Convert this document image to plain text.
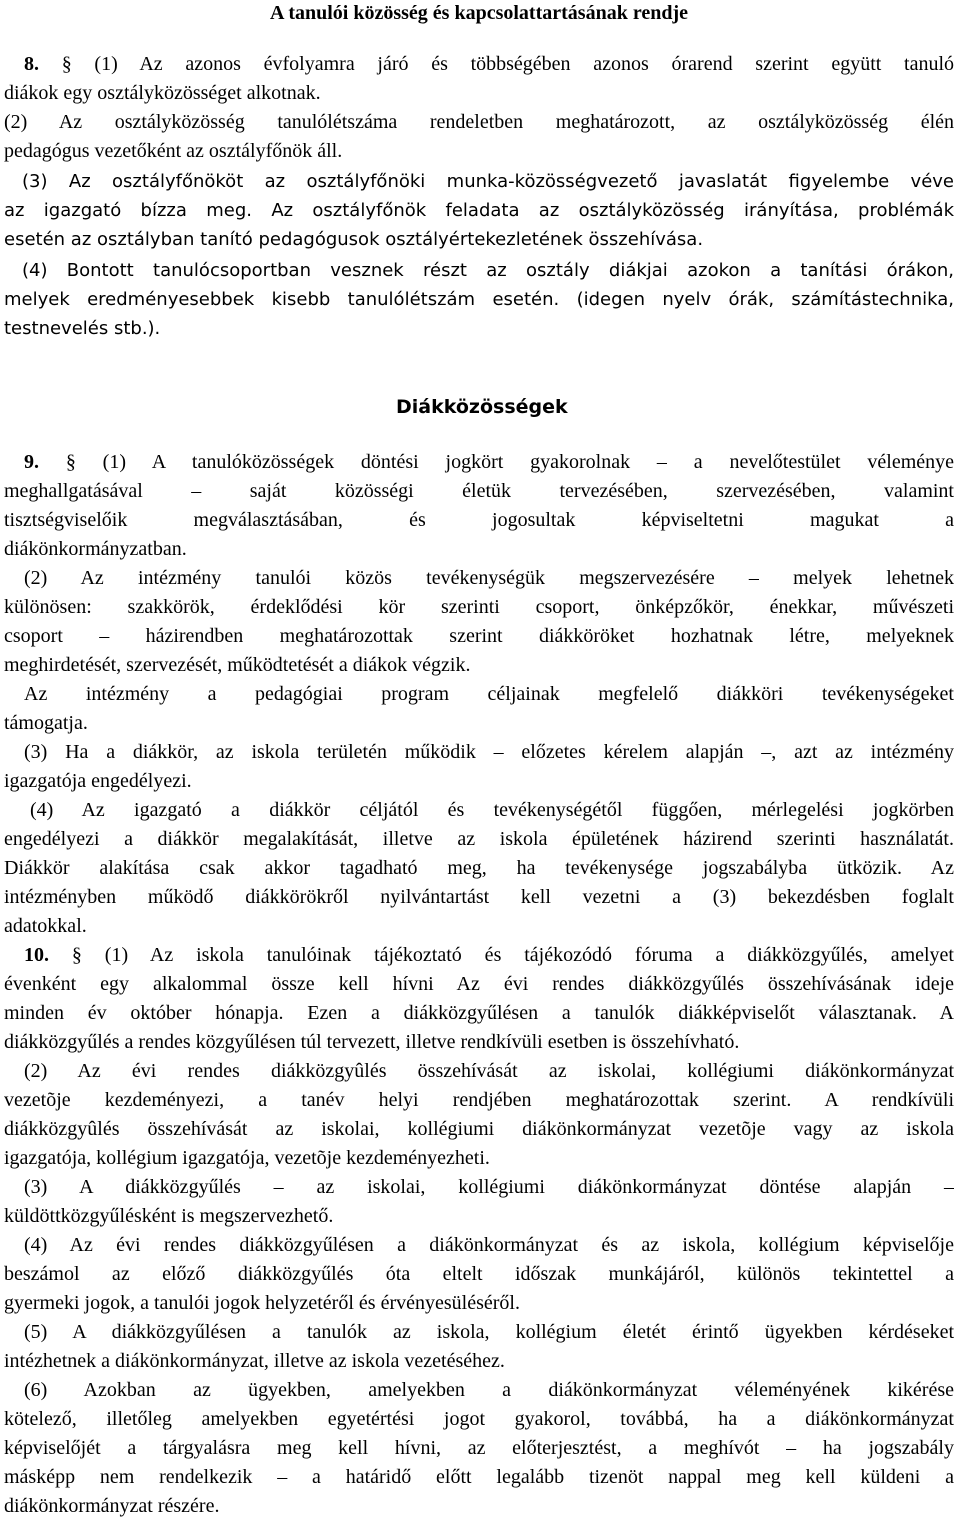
A tanulói közösség és kapcsolattartásának rendje

8. § (1) Az azonos évfolyamra járó és többségében azonos órarend szerint együtt tanuló

diákok egy osztályközösséget alkotnak.

(2) Az osztályközösség tanulólétszáma rendeletben meghatározott, az osztályközösség élén

pedagógus vezetőként az osztályfőnök áll.

(3) Az osztályfőnököt az osztályfőnöki munka-közösségvezető javaslatát figyelembe véve

az igazgató bízza meg. Az osztályfőnök feladata az osztályközösség irányítása, problémák

esetén az osztályban tanító pedagógusok osztályértekezletének összehívása.

(4) Bontott tanulócsoportban vesznek részt az osztály diákjai azokon a tanítási órákon,

melyek eredményesebbek kisebb tanulólétszám esetén. (idegen nyelv órák, számítástechnika,

testnevelés stb.).

Diákközösségek

9. § (1) A tanulóközösségek döntési jogkört gyakorolnak – a nevelőtestület véleménye

meghallgatásával – saját közösségi életük tervezésében, szervezésében, valamint

tisztségviselőik megválasztásában, és jogosultak képviseltetni magukat a

diákönkormányzatban.

(2) Az intézmény tanulói közös tevékenységük megszervezésére – melyek lehetnek

különösen: szakkörök, érdeklődési kör szerinti csoport, önképzőkör, énekkar, művészeti

csoport – házirendben meghatározottak szerint diákköröket hozhatnak létre, melyeknek

meghirdetését, szervezését, működtetését a diákok végzik.

Az intézmény a pedagógiai program céljainak megfelelő diákköri tevékenységeket

támogatja.

(3) Ha a diákkör, az iskola területén működik – előzetes kérelem alapján –, azt az intézmény

igazgatója engedélyezi.

(4) Az igazgató a diákkör céljától és tevékenységétől függően, mérlegelési jogkörben

engedélyezi a diákkör megalakítását, illetve az iskola épületének házirend szerinti használatát.

Diákkör alakítása csak akkor tagadható meg, ha tevékenysége jogszabályba ütközik. Az

intézményben működő diákkörökről nyilvántartást kell vezetni a (3) bekezdésben foglalt

adatokkal.

10. § (1) Az iskola tanulóinak tájékoztató és tájékozódó fóruma a diákközgyűlés, amelyet

évenként egy alkalommal össze kell hívni Az évi rendes diákközgyűlés összehívásának ideje

minden év október hónapja. Ezen a diákközgyűlésen a tanulók diákképviselőt választanak. A

diákközgyűlés a rendes közgyűlésen túl tervezett, illetve rendkívüli esetben is összehívható.

(2) Az évi rendes diákközgyûlés összehívását az iskolai, kollégiumi diákönkormányzat

vezetõje kezdeményezi, a tanév helyi rendjében meghatározottak szerint. A rendkívüli

diákközgyûlés összehívását az iskolai, kollégiumi diákönkormányzat vezetõje vagy az iskola

igazgatója, kollégium igazgatója, vezetõje kezdeményezheti.

(3) A diákközgyűlés – az iskolai, kollégiumi diákönkormányzat döntése alapján –

küldöttközgyűlésként is megszervezhető.

(4) Az évi rendes diákközgyűlésen a diákönkormányzat és az iskola, kollégium képviselője

beszámol az előző diákközgyűlés óta eltelt időszak munkájáról, különös tekintettel a

gyermeki jogok, a tanulói jogok helyzetéről és érvényesüléséről.

(5) A diákközgyűlésen a tanulók az iskola, kollégium életét érintő ügyekben kérdéseket

intézhetnek a diákönkormányzat, illetve az iskola vezetéséhez.

(6) Azokban az ügyekben, amelyekben a diákönkormányzat véleményének kikérése

kötelező, illetőleg amelyekben egyetértési jogot gyakorol, továbbá, ha a diákönkormányzat

képviselőjét a tárgyalásra meg kell hívni, az előterjesztést, a meghívót – ha jogszabály

másképp nem rendelkezik – a határidő előtt legalább tizenöt nappal meg kell küldeni a

diákönkormányzat részére.
